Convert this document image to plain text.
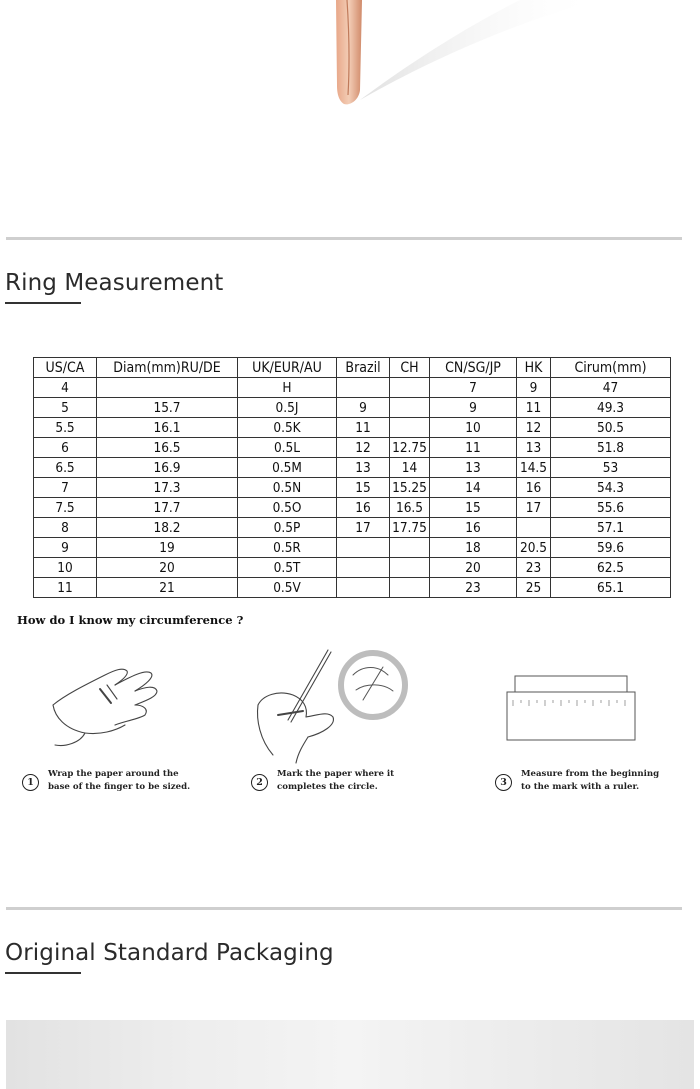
Ring Measurement
US/CA	Diam(mm)RU/DE	UK/EUR/AU	Brazil	CH	CN/SG/JP	HK	Cirum(mm)
4		H			7	9	47
5	15.7	0.5J	9		9	11	49.3
5.5	16.1	0.5K	11		10	12	50.5
6	16.5	0.5L	12	12.75	11	13	51.8
6.5	16.9	0.5M	13	14	13	14.5	53
7	17.3	0.5N	15	15.25	14	16	54.3
7.5	17.7	0.5O	16	16.5	15	17	55.6
8	18.2	0.5P	17	17.75	16		57.1
9	19	0.5R			18	20.5	59.6
10	20	0.5T			20	23	62.5
11	21	0.5V			23	25	65.1
How do I know my circumference ?
1
Wrap the paper around the
base of the finger to be sized.	2
Mark the paper where it
completes the circle.	3
Measure from the beginning
to the mark with a ruler.
Original Standard Packaging
